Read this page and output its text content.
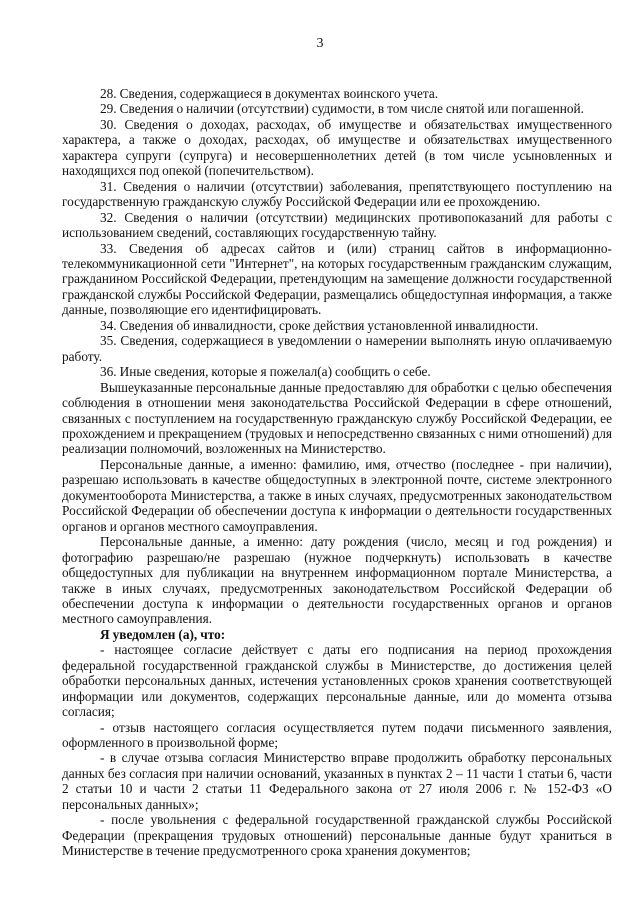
3

28. Сведения, содержащиеся в документах воинского учета.

29. Сведения о наличии (отсутствии) судимости, в том числе снятой или погашенной.

30. Сведения о доходах, расходах, об имуществе и обязательствах имущественного характера, а также о доходах, расходах, об имуществе и обязательствах имущественного характера супруги (супруга) и несовершеннолетних детей (в том числе усыновленных и находящихся под опекой (попечительством).

31. Сведения о наличии (отсутствии) заболевания, препятствующего поступлению на государственную гражданскую службу Российской Федерации или ее прохождению.

32. Сведения о наличии (отсутствии) медицинских противопоказаний для работы с использованием сведений, составляющих государственную тайну.

33. Сведения об адресах сайтов и (или) страниц сайтов в информационно-телекоммуникационной сети "Интернет", на которых государственным гражданским служащим, гражданином Российской Федерации, претендующим на замещение должности государственной гражданской службы Российской Федерации, размещались общедоступная информация, а также данные, позволяющие его идентифицировать.

34. Сведения об инвалидности, сроке действия установленной инвалидности.

35. Сведения, содержащиеся в уведомлении о намерении выполнять иную оплачиваемую работу.

36. Иные сведения, которые я пожелал(а) сообщить о себе.

Вышеуказанные персональные данные предоставляю для обработки с целью обеспечения соблюдения в отношении меня законодательства Российской Федерации в сфере отношений, связанных с поступлением на государственную гражданскую службу Российской Федерации, ее прохождением и прекращением (трудовых и непосредственно связанных с ними отношений) для реализации полномочий, возложенных на Министерство.

Персональные данные, а именно: фамилию, имя, отчество (последнее - при наличии), разрешаю использовать в качестве общедоступных в электронной почте, системе электронного документооборота Министерства, а также в иных случаях, предусмотренных законодательством Российской Федерации об обеспечении доступа к информации о деятельности государственных органов и органов местного самоуправления.

Персональные данные, а именно: дату рождения (число, месяц и год рождения) и фотографию разрешаю/не разрешаю (нужное подчеркнуть) использовать в качестве общедоступных для публикации на внутреннем информационном портале Министерства, а также в иных случаях, предусмотренных законодательством Российской Федерации об обеспечении доступа к информации о деятельности государственных органов и органов местного самоуправления.

Я уведомлен (а), что:

- настоящее согласие действует с даты его подписания на период прохождения федеральной государственной гражданской службы в Министерстве, до достижения целей обработки персональных данных, истечения установленных сроков хранения соответствующей информации или документов, содержащих персональные данные, или до момента отзыва согласия;

- отзыв настоящего согласия осуществляется путем подачи письменного заявления, оформленного в произвольной форме;

- в случае отзыва согласия Министерство вправе продолжить обработку персональных данных без согласия при наличии оснований, указанных в пунктах 2 – 11 части 1 статьи 6, части 2 статьи 10 и части 2 статьи 11 Федерального закона от 27 июля 2006 г. № 152-ФЗ «О персональных данных»;

- после увольнения с федеральной государственной гражданской службы Российской Федерации (прекращения трудовых отношений) персональные данные будут храниться в Министерстве в течение предусмотренного срока хранения документов;
